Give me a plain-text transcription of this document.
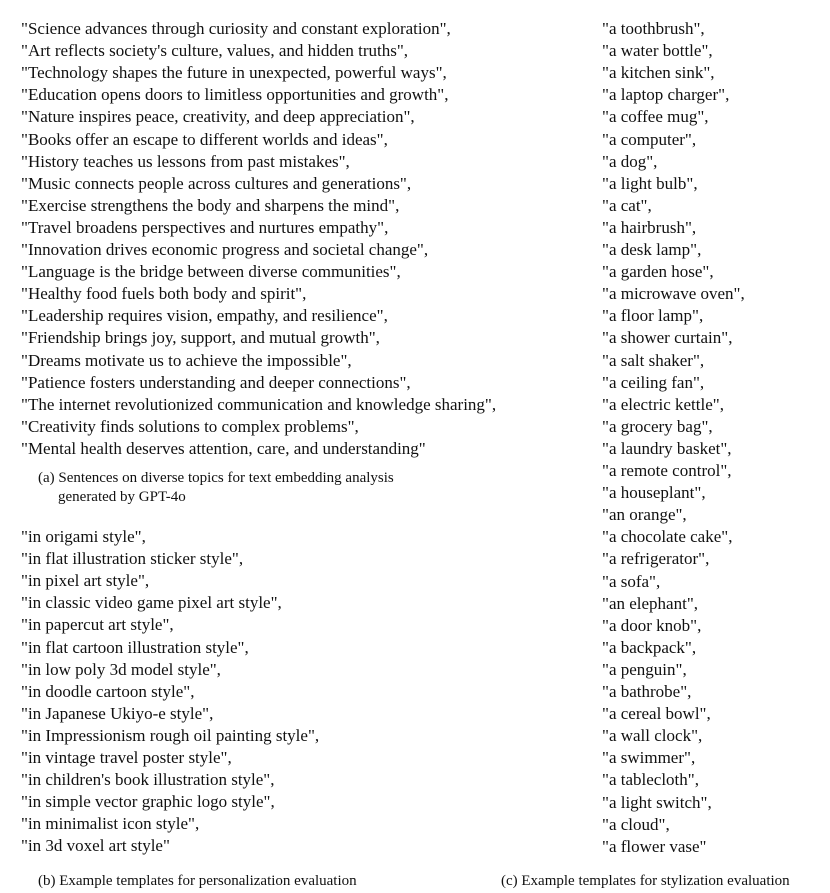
"Science advances through curiosity and constant exploration",
"Art reflects society's culture, values, and hidden truths",
"Technology shapes the future in unexpected, powerful ways",
"Education opens doors to limitless opportunities and growth",
"Nature inspires peace, creativity, and deep appreciation",
"Books offer an escape to different worlds and ideas",
"History teaches us lessons from past mistakes",
"Music connects people across cultures and generations",
"Exercise strengthens the body and sharpens the mind",
"Travel broadens perspectives and nurtures empathy",
"Innovation drives economic progress and societal change",
"Language is the bridge between diverse communities",
"Healthy food fuels both body and spirit",
"Leadership requires vision, empathy, and resilience",
"Friendship brings joy, support, and mutual growth",
"Dreams motivate us to achieve the impossible",
"Patience fosters understanding and deeper connections",
"The internet revolutionized communication and knowledge sharing",
"Creativity finds solutions to complex problems",
"Mental health deserves attention, care, and understanding"
(a) Sentences on diverse topics for text embedding analysis
generated by GPT-4o
"in origami style",
"in flat illustration sticker style",
"in pixel art style",
"in classic video game pixel art style",
"in papercut art style",
"in flat cartoon illustration style",
"in low poly 3d model style",
"in doodle cartoon style",
"in Japanese Ukiyo-e style",
"in Impressionism rough oil painting style",
"in vintage travel poster style",
"in children's book illustration style",
"in simple vector graphic logo style",
"in minimalist icon style",
"in 3d voxel art style"
(b) Example templates for personalization evaluation
"a toothbrush",
"a water bottle",
"a kitchen sink",
"a laptop charger",
"a coffee mug",
"a computer",
"a dog",
"a light bulb",
"a cat",
"a hairbrush",
"a desk lamp",
"a garden hose",
"a microwave oven",
"a floor lamp",
"a shower curtain",
"a salt shaker",
"a ceiling fan",
"a electric kettle",
"a grocery bag",
"a laundry basket",
"a remote control",
"a houseplant",
"an orange",
"a chocolate cake",
"a refrigerator",
"a sofa",
"an elephant",
"a door knob",
"a backpack",
"a penguin",
"a bathrobe",
"a cereal bowl",
"a wall clock",
"a swimmer",
"a tablecloth",
"a light switch",
"a cloud",
"a flower vase"
(c) Example templates for stylization evaluation
